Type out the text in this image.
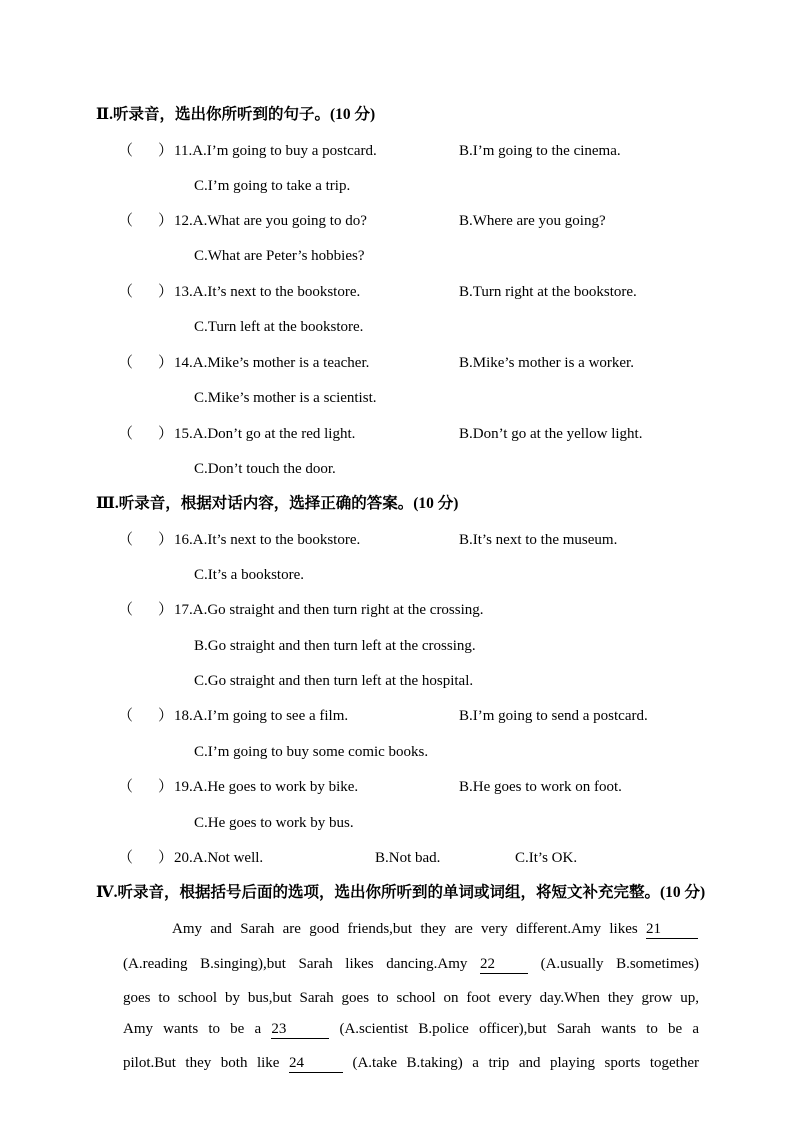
Ⅱ.听录音，选出你所听到的句子。(10 分)
（ ） 11.A.I’m going to buy a postcard.	B.I’m going to the cinema.
C.I’m going to take a trip.
（ ） 12.A.What are you going to do?	B.Where are you going?
C.What are Peter’s hobbies?
（ ） 13.A.It’s next to the bookstore.	B.Turn right at the bookstore.
C.Turn left at the bookstore.
（ ） 14.A.Mike’s mother is a teacher.	B.Mike’s mother is a worker.
C.Mike’s mother is a scientist.
（ ） 15.A.Don’t go at the red light.	B.Don’t go at the yellow light.
C.Don’t touch the door.
Ⅲ.听录音，根据对话内容，选择正确的答案。(10 分)
（ ） 16.A.It’s next to the bookstore.	B.It’s next to the museum.
C.It’s a bookstore.
（ ） 17.A.Go straight and then turn right at the crossing.
B.Go straight and then turn left at the crossing.
C.Go straight and then turn left at the hospital.
（ ） 18.A.I’m going to see a film.	B.I’m going to send a postcard.
C.I’m going to buy some comic books.
（ ） 19.A.He goes to work by bike.	B.He goes to work on foot.
C.He goes to work by bus.
（ ） 20.A.Not well.	B.Not bad.	C.It’s OK.
Ⅳ.听录音，根据括号后面的选项，选出你所听到的单词或词组，将短文补充完整。(10 分)
Amy and Sarah are good friends,but they are very different.Amy likes 21
(A.reading B.singing),but Sarah likes dancing.Amy 22	(A.usually B.sometimes)
goes to school by bus,but Sarah goes to school on foot every day.When they grow up,
Amy wants to be a 23	(A.scientist B.police officer),but Sarah wants to be a
pilot.But they both like 24	(A.take B.taking) a trip and playing sports together
